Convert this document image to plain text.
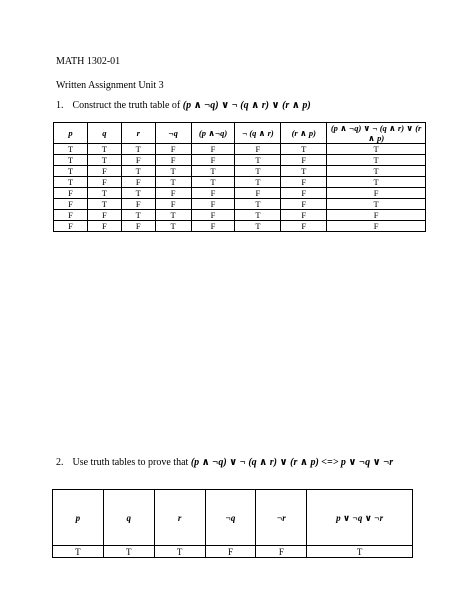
MATH 1302-01
Written Assignment Unit 3
1. Construct the truth table of (p ∧ ¬q) ∨ ¬ (q ∧ r) ∨ (r ∧ p)
p	q	r	¬q	(p ∧¬q)	¬ (q ∧ r)	(r ∧ p)	(p ∧ ¬q) ∨ ¬ (q ∧ r) ∨ (r ∧ p)
T	T	T	F	F	F	T	T
T	T	F	F	F	T	F	T
T	F	T	T	T	T	T	T
T	F	F	T	T	T	F	T
F	T	T	F	F	F	F	F
F	T	F	F	F	T	F	T
F	F	T	T	F	T	F	F
F	F	F	T	F	T	F	F
2. Use truth tables to prove that (p ∧ ¬q) ∨ ¬ (q ∧ r) ∨ (r ∧ p) <=> p ∨ ¬q ∨ ¬r
p	q	r	¬q	¬r	p ∨ ¬q ∨ ¬r
T	T	T	F	F	T
